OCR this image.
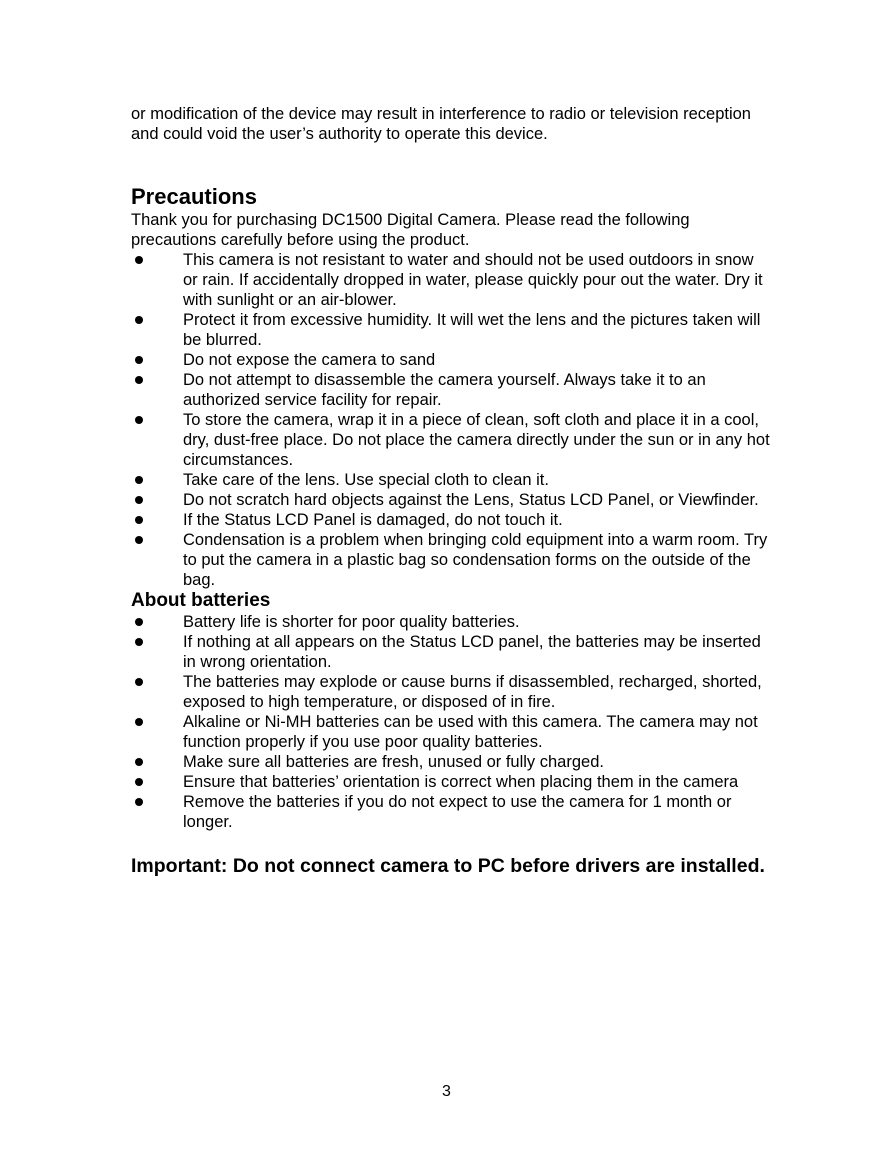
or modification of the device may result in interference to radio or television reception and could void the user’s authority to operate this device.

Precautions

Thank you for purchasing DC1500 Digital Camera. Please read the following precautions carefully before using the product.

This camera is not resistant to water and should not be used outdoors in snow or rain. If accidentally dropped in water, please quickly pour out the water. Dry it with sunlight or an air-blower.
Protect it from excessive humidity. It will wet the lens and the pictures taken will be blurred.
Do not expose the camera to sand
Do not attempt to disassemble the camera yourself. Always take it to an authorized service facility for repair.
To store the camera, wrap it in a piece of clean, soft cloth and place it in a cool, dry, dust-free place. Do not place the camera directly under the sun or in any hot circumstances.
Take care of the lens. Use special cloth to clean it.
Do not scratch hard objects against the Lens, Status LCD Panel, or Viewfinder.
If the Status LCD Panel is damaged, do not touch it.
Condensation is a problem when bringing cold equipment into a warm room. Try to put the camera in a plastic bag so condensation forms on the outside of the bag.
About batteries
Battery life is shorter for poor quality batteries.
If nothing at all appears on the Status LCD panel, the batteries may be inserted in wrong orientation.
The batteries may explode or cause burns if disassembled, recharged, shorted, exposed to high temperature, or disposed of in fire.
Alkaline or Ni-MH batteries can be used with this camera. The camera may not function properly if you use poor quality batteries.
Make sure all batteries are fresh, unused or fully charged.
Ensure that batteries’ orientation is correct when placing them in the camera
Remove the batteries if you do not expect to use the camera for 1 month or longer.

Important: Do not connect camera to PC before drivers are installed.

3
